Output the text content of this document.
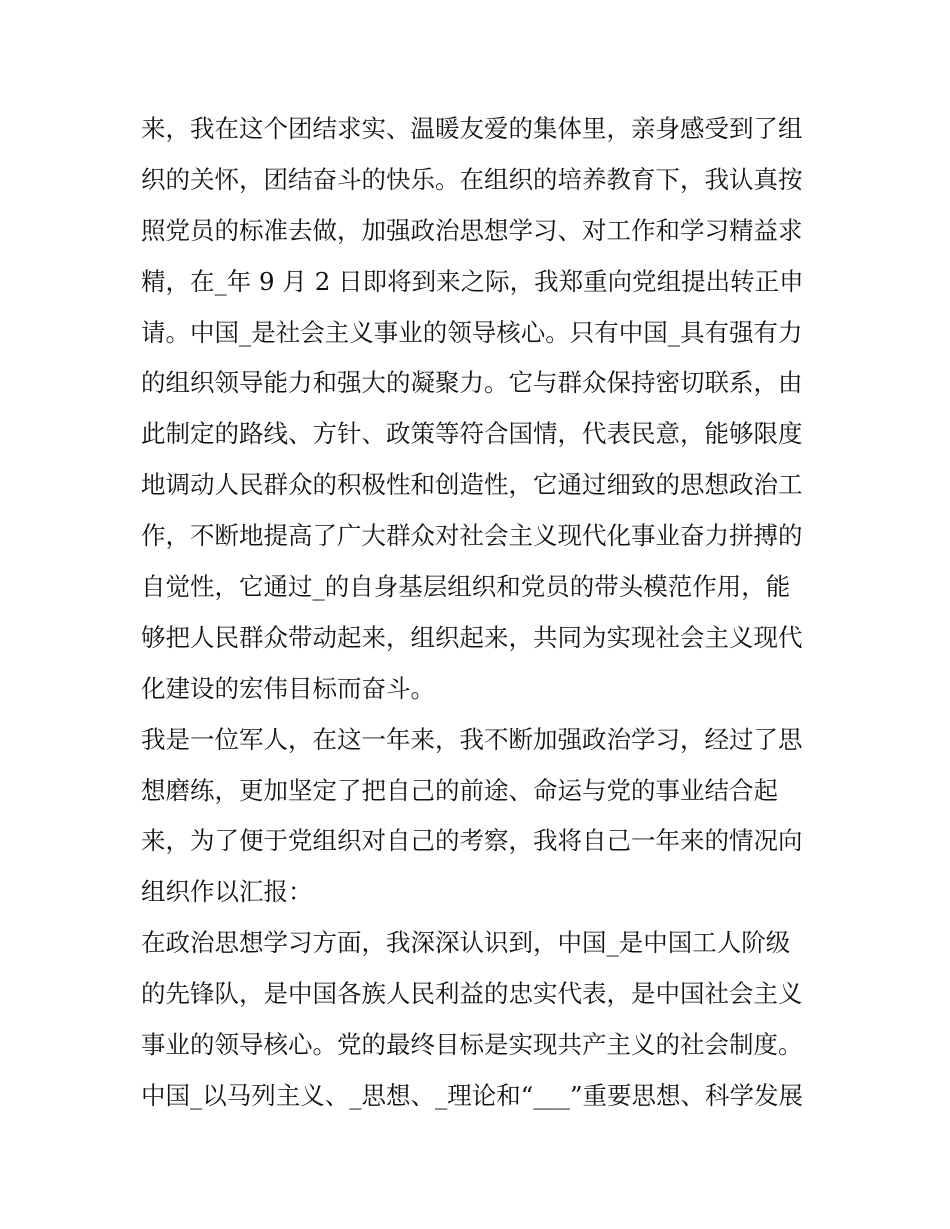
来，我在这个团结求实、温暖友爱的集体里，亲身感受到了组
织的关怀，团结奋斗的快乐。在组织的培养教育下，我认真按
照党员的标准去做，加强政治思想学习、对工作和学习精益求
精，在_年 9 月 2 日即将到来之际，我郑重向党组提出转正申
请。中国_是社会主义事业的领导核心。只有中国_具有强有力
的组织领导能力和强大的凝聚力。它与群众保持密切联系，由
此制定的路线、方针、政策等符合国情，代表民意，能够限度
地调动人民群众的积极性和创造性，它通过细致的思想政治工
作，不断地提高了广大群众对社会主义现代化事业奋力拼搏的
自觉性，它通过_的自身基层组织和党员的带头模范作用，能
够把人民群众带动起来，组织起来，共同为实现社会主义现代
化建设的宏伟目标而奋斗。
我是一位军人，在这一年来，我不断加强政治学习，经过了思
想磨练，更加坚定了把自己的前途、命运与党的事业结合起
来，为了便于党组织对自己的考察，我将自己一年来的情况向
组织作以汇报：
在政治思想学习方面，我深深认识到，中国_是中国工人阶级
的先锋队，是中国各族人民利益的忠实代表，是中国社会主义
事业的领导核心。党的最终目标是实现共产主义的社会制度。
中国_以马列主义、_思想、_理论和“___”重要思想、科学发展
